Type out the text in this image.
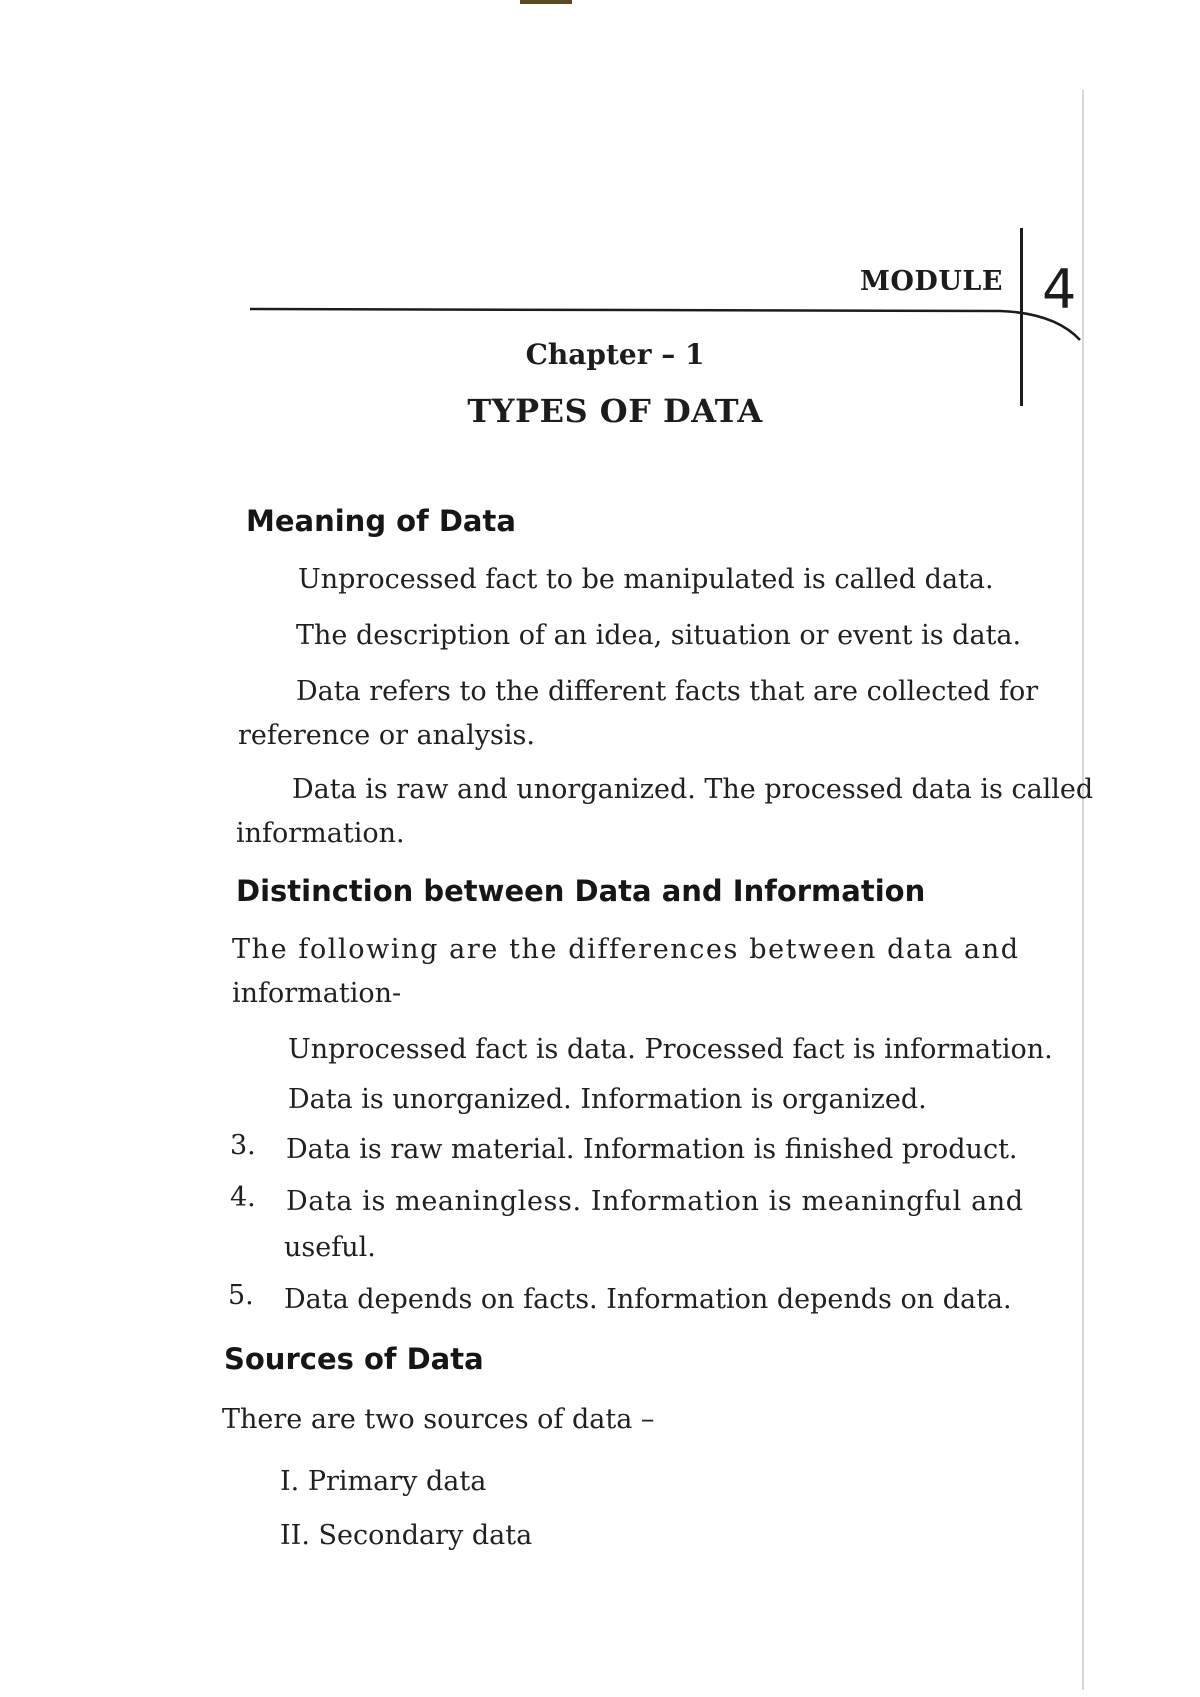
MODULE 4
Chapter – 1
TYPES OF DATA
Meaning of Data
Unprocessed fact to be manipulated is called data.
The description of an idea, situation or event is data.
Data refers to the different facts that are collected for
reference or analysis.
Data is raw and unorganized. The processed data is called
information.
Distinction between Data and Information
The following are the differences between data and
information-
Unprocessed fact is data. Processed fact is information.
Data is unorganized. Information is organized.
3. Data is raw material. Information is finished product.
4. Data is meaningless. Information is meaningful and
useful.
5. Data depends on facts. Information depends on data.
Sources of Data
There are two sources of data –
I. Primary data
II. Secondary data
